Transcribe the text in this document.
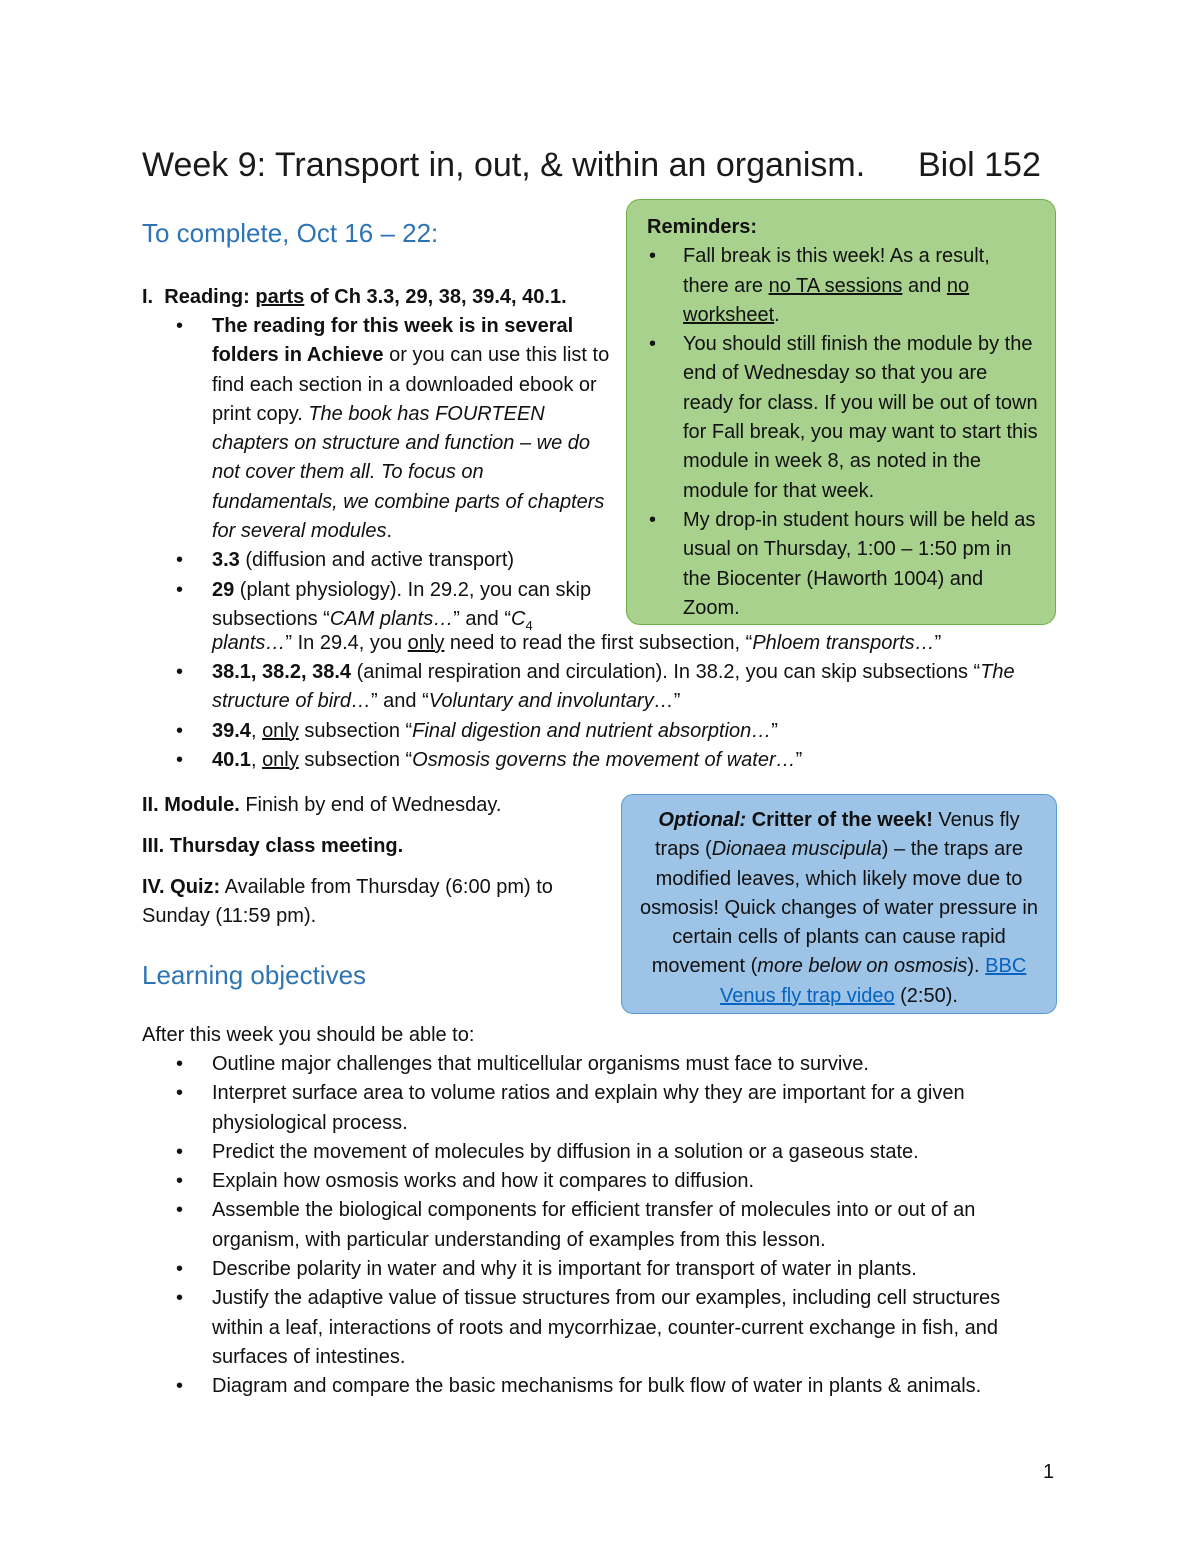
Week 9: Transport in, out, & within an organism. Biol 152
To complete, Oct 16 – 22:
I. Reading: parts of Ch 3.3, 29, 38, 39.4, 40.1.
• The reading for this week is in several folders in Achieve or you can use this list to find each section in a downloaded ebook or print copy. The book has FOURTEEN chapters on structure and function – we do not cover them all. To focus on fundamentals, we combine parts of chapters for several modules.
• 3.3 (diffusion and active transport)
• 29 (plant physiology). In 29.2, you can skip subsections “CAM plants…” and “$C_4$
plants…” In 29.4, you only need to read the first subsection, “Phloem transports…”
• 38.1, 38.2, 38.4 (animal respiration and circulation). In 38.2, you can skip subsections “The structure of bird…” and “Voluntary and involuntary…”
• 39.4, only subsection “Final digestion and nutrient absorption…”
• 40.1, only subsection “Osmosis governs the movement of water…”
II. Module. Finish by end of Wednesday.
III. Thursday class meeting.
IV. Quiz: Available from Thursday (6:00 pm) to Sunday (11:59 pm).
Reminders:
• Fall break is this week! As a result, there are no TA sessions and no worksheet.
• You should still finish the module by the end of Wednesday so that you are ready for class. If you will be out of town for Fall break, you may want to start this module in week 8, as noted in the module for that week.
• My drop-in student hours will be held as usual on Thursday, 1:00 – 1:50 pm in the Biocenter (Haworth 1004) and Zoom.
Optional: Critter of the week! Venus fly traps (Dionaea muscipula) – the traps are modified leaves, which likely move due to osmosis! Quick changes of water pressure in certain cells of plants can cause rapid movement (more below on osmosis). BBC Venus fly trap video (2:50).
Learning objectives
After this week you should be able to:
• Outline major challenges that multicellular organisms must face to survive.
• Interpret surface area to volume ratios and explain why they are important for a given physiological process.
• Predict the movement of molecules by diffusion in a solution or a gaseous state.
• Explain how osmosis works and how it compares to diffusion.
• Assemble the biological components for efficient transfer of molecules into or out of an organism, with particular understanding of examples from this lesson.
• Describe polarity in water and why it is important for transport of water in plants.
• Justify the adaptive value of tissue structures from our examples, including cell structures within a leaf, interactions of roots and mycorrhizae, counter-current exchange in fish, and surfaces of intestines.
• Diagram and compare the basic mechanisms for bulk flow of water in plants & animals.
1
